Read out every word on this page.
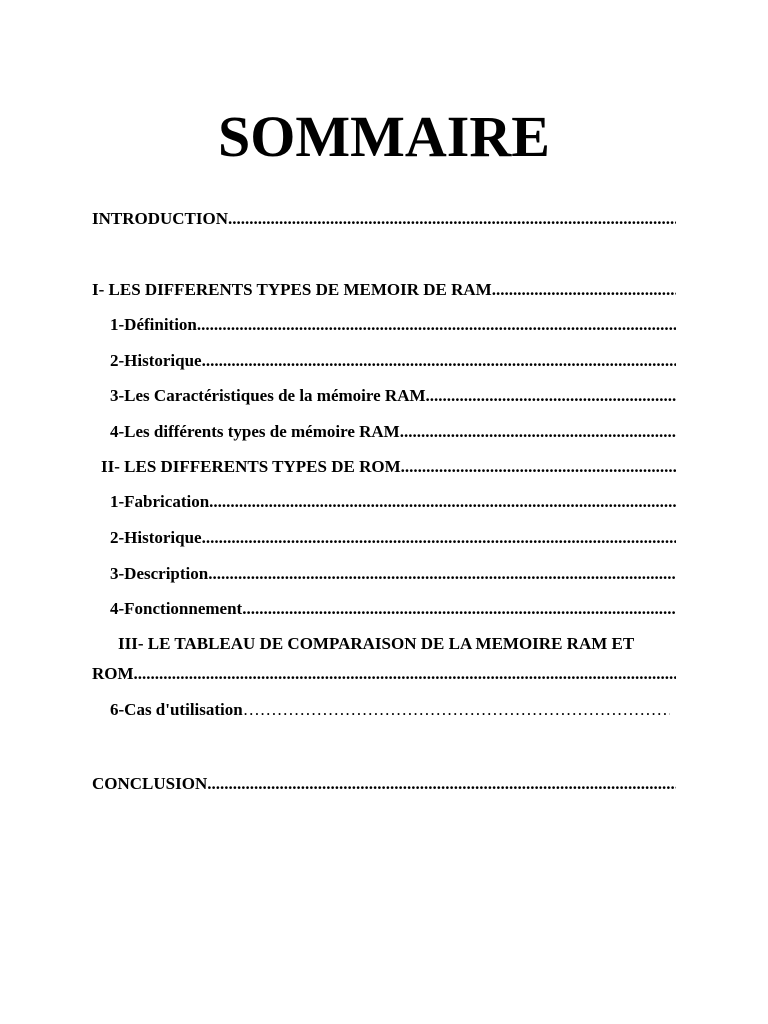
SOMMAIRE
INTRODUCTION .....
I- LES DIFFERENTS TYPES DE MEMOIR DE RAM .....
1-Définition .....
2-Historique .....
3-Les Caractéristiques de la mémoire RAM .....
4-Les différents types de mémoire RAM .....
II- LES DIFFERENTS TYPES DE ROM .....
1-Fabrication .....
2-Historique .....
3-Description .....
4-Fonctionnement .....
III- LE TABLEAU DE COMPARAISON DE LA MEMOIRE RAM ET
ROM .....
6-Cas d'utilisation …………………………………………………………………………………………
CONCLUSION .....
